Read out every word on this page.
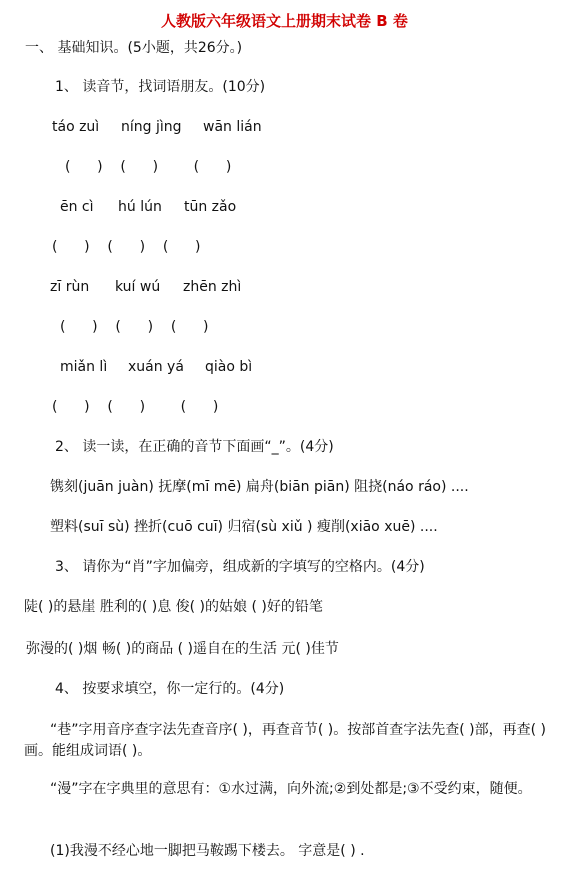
人教版六年级语文上册期末试卷 B 卷
一、 基础知识。(5小题，共26分。)
1、 读音节，找词语朋友。(10分)
táo zuì níng jìng wān lián
(      )    (      )        (      )
ēn cì hú lún tūn zǎo
(      )    (      )    (      )
zī rùn kuí wú zhēn zhì
(      )    (      )    (      )
miǎn lì xuán yá qiào bì
(      )    (      )        (      )
2、 读一读，在正确的音节下面画“_”。(4分)
镌刻(juān juàn) 抚摩(mī mē) 扁舟(biān piān) 阻挠(náo ráo) ....
塑料(suī sù) 挫折(cuō cuī) 归宿(sù xiǔ ) 瘦削(xiāo xuē) ....
3、 请你为“肖”字加偏旁，组成新的字填写的空格内。(4分)
陡( )的悬崖 胜利的( )息 俊( )的姑娘 ( )好的铅笔
弥漫的( )烟 畅( )的商品 ( )遥自在的生活 元( )佳节
4、 按要求填空，你一定行的。(4分)
“巷”字用音序查字法先查音序( )，再查音节( )。按部首查字法先查( )部，再查( )画。能组成词语( )。
“漫”字在字典里的意思有：①水过满，向外流;②到处都是;③不受约束，随便。
(1)我漫不经心地一脚把马鞍踢下楼去。 字意是( ) .
